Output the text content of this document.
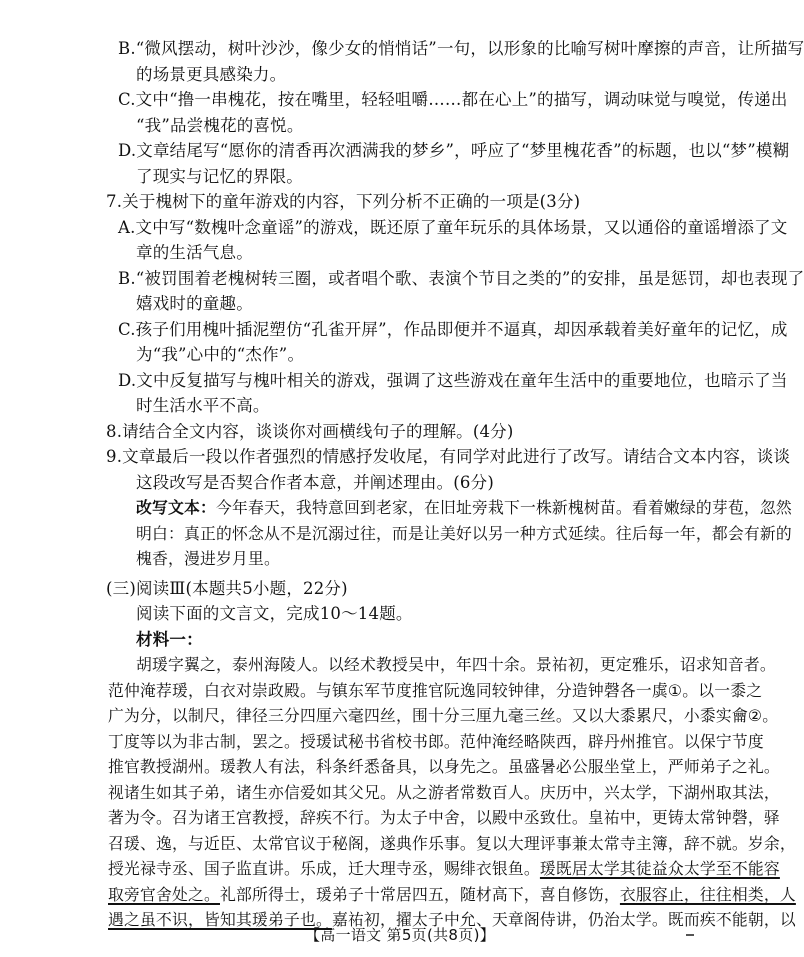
B.“微风摆动，树叶沙沙，像少女的悄悄话”一句，以形象的比喻写树叶摩擦的声音，让所描写
的场景更具感染力。
C.文中“撸一串槐花，按在嘴里，轻轻咀嚼……都在心上”的描写，调动味觉与嗅觉，传递出
“我”品尝槐花的喜悦。
D.文章结尾写“愿你的清香再次洒满我的梦乡”，呼应了“梦里槐花香”的标题，也以“梦”模糊
了现实与记忆的界限。
7.关于槐树下的童年游戏的内容，下列分析不正确的一项是(3分)
A.文中写“数槐叶念童谣”的游戏，既还原了童年玩乐的具体场景，又以通俗的童谣增添了文
章的生活气息。
B.“被罚围着老槐树转三圈，或者唱个歌、表演个节目之类的”的安排，虽是惩罚，却也表现了
嬉戏时的童趣。
C.孩子们用槐叶插泥塑仿“孔雀开屏”，作品即便并不逼真，却因承载着美好童年的记忆，成
为“我”心中的“杰作”。
D.文中反复描写与槐叶相关的游戏，强调了这些游戏在童年生活中的重要地位，也暗示了当
时生活水平不高。
8.请结合全文内容，谈谈你对画横线句子的理解。(4分)
9.文章最后一段以作者强烈的情感抒发收尾，有同学对此进行了改写。请结合文本内容，谈谈
这段改写是否契合作者本意，并阐述理由。(6分)
改写文本：今年春天，我特意回到老家，在旧址旁栽下一株新槐树苗。看着嫩绿的芽苞，忽然
明白：真正的怀念从不是沉溺过往，而是让美好以另一种方式延续。往后每一年，都会有新的
槐香，漫进岁月里。
(三)阅读Ⅲ(本题共5小题，22分)
阅读下面的文言文，完成10～14题。
材料一：
胡瑗字翼之，泰州海陵人。以经术教授吴中，年四十余。景祐初，更定雅乐，诏求知音者。
范仲淹荐瑗，白衣对崇政殿。与镇东军节度推官阮逸同较钟律，分造钟磬各一虡①。以一黍之
广为分，以制尺，律径三分四厘六毫四丝，围十分三厘九毫三丝。又以大黍累尺，小黍实龠②。
丁度等以为非古制，罢之。授瑗试秘书省校书郎。范仲淹经略陕西，辟丹州推官。以保宁节度
推官教授湖州。瑗教人有法，科条纤悉备具，以身先之。虽盛暑必公服坐堂上，严师弟子之礼。
视诸生如其子弟，诸生亦信爱如其父兄。从之游者常数百人。庆历中，兴太学，下湖州取其法，
著为令。召为诸王宫教授，辞疾不行。为太子中舍，以殿中丞致仕。皇祐中，更铸太常钟磬，驿
召瑗、逸，与近臣、太常官议于秘阁，遂典作乐事。复以大理评事兼太常寺主簿，辞不就。岁余，
授光禄寺丞、国子监直讲。乐成，迁大理寺丞，赐绯衣银鱼。瑗既居太学其徒益众太学至不能容
取旁官舍处之。礼部所得士，瑗弟子十常居四五，随材高下，喜自修饬，衣服容止，往往相类，人
遇之虽不识，皆知其瑗弟子也。嘉祐初，擢太子中允、天章阁侍讲，仍治太学。既而疾不能朝，以
【高一语文 第5页(共8页)】
